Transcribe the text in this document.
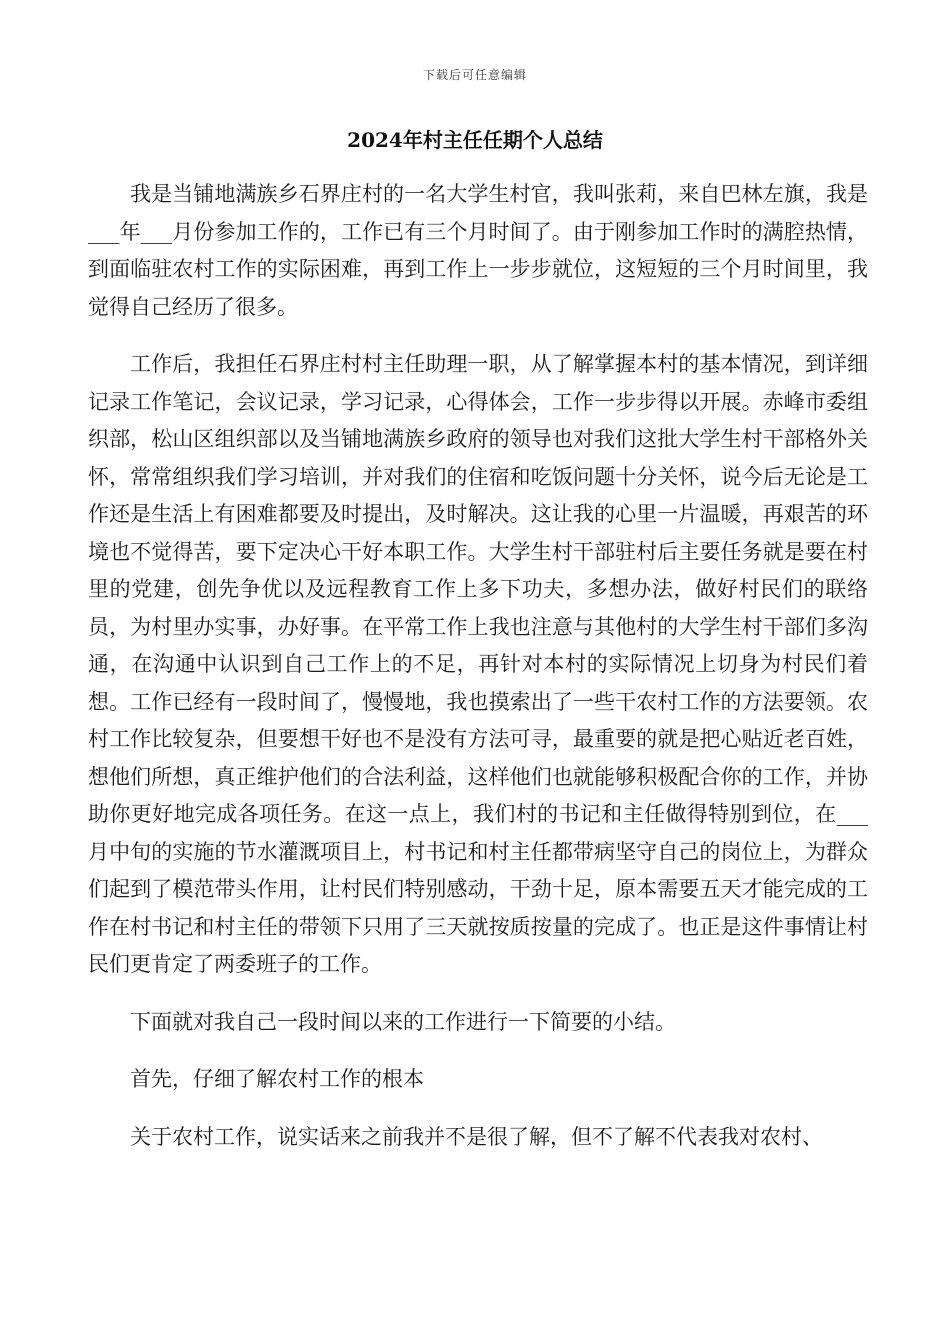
下载后可任意编辑
2024年村主任任期个人总结

我是当铺地满族乡石界庄村的一名大学生村官，我叫张莉，来自巴林左旗，我是___年___月份参加工作的，工作已有三个月时间了。由于刚参加工作时的满腔热情，到面临驻农村工作的实际困难，再到工作上一步步就位，这短短的三个月时间里，我觉得自己经历了很多。

工作后，我担任石界庄村村主任助理一职，从了解掌握本村的基本情况，到详细记录工作笔记，会议记录，学习记录，心得体会，工作一步步得以开展。赤峰市委组织部，松山区组织部以及当铺地满族乡政府的领导也对我们这批大学生村干部格外关怀，常常组织我们学习培训，并对我们的住宿和吃饭问题十分关怀，说今后无论是工作还是生活上有困难都要及时提出，及时解决。这让我的心里一片温暖，再艰苦的环境也不觉得苦，要下定决心干好本职工作。大学生村干部驻村后主要任务就是要在村里的党建，创先争优以及远程教育工作上多下功夫，多想办法，做好村民们的联络员，为村里办实事，办好事。在平常工作上我也注意与其他村的大学生村干部们多沟通，在沟通中认识到自己工作上的不足，再针对本村的实际情况上切身为村民们着想。工作已经有一段时间了，慢慢地，我也摸索出了一些干农村工作的方法要领。农村工作比较复杂，但要想干好也不是没有方法可寻，最重要的就是把心贴近老百姓，想他们所想，真正维护他们的合法利益，这样他们也就能够积极配合你的工作，并协助你更好地完成各项任务。在这一点上，我们村的书记和主任做得特别到位，在___月中旬的实施的节水灌溉项目上，村书记和村主任都带病坚守自己的岗位上，为群众们起到了模范带头作用，让村民们特别感动，干劲十足，原本需要五天才能完成的工作在村书记和村主任的带领下只用了三天就按质按量的完成了。也正是这件事情让村民们更肯定了两委班子的工作。

下面就对我自己一段时间以来的工作进行一下简要的小结。

首先，仔细了解农村工作的根本

关于农村工作，说实话来之前我并不是很了解，但不了解不代表我对农村、
